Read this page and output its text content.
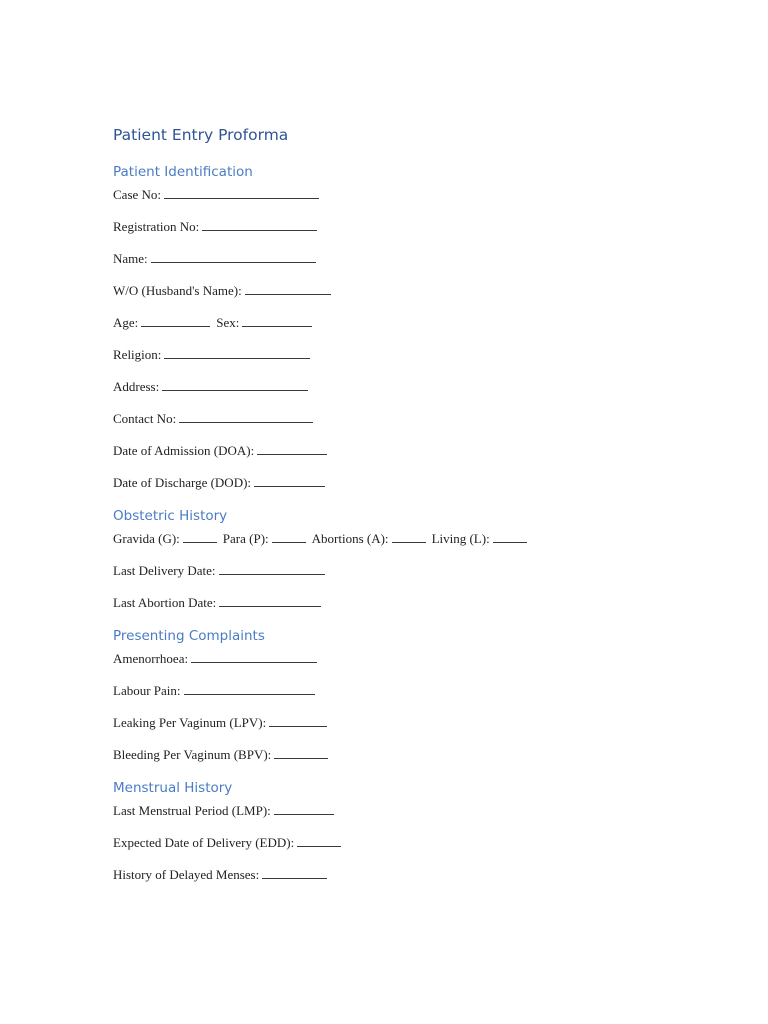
Patient Entry Proforma
Patient Identification

Case No:

Registration No:

Name:

W/O (Husband's Name):

Age:	Sex:

Religion:

Address:

Contact No:

Date of Admission (DOA):

Date of Discharge (DOD):

Obstetric History

Gravida (G):	Para (P):	Abortions (A):	Living (L):

Last Delivery Date:

Last Abortion Date:

Presenting Complaints

Amenorrhoea:

Labour Pain:

Leaking Per Vaginum (LPV):

Bleeding Per Vaginum (BPV):

Menstrual History

Last Menstrual Period (LMP):

Expected Date of Delivery (EDD):

History of Delayed Menses:
